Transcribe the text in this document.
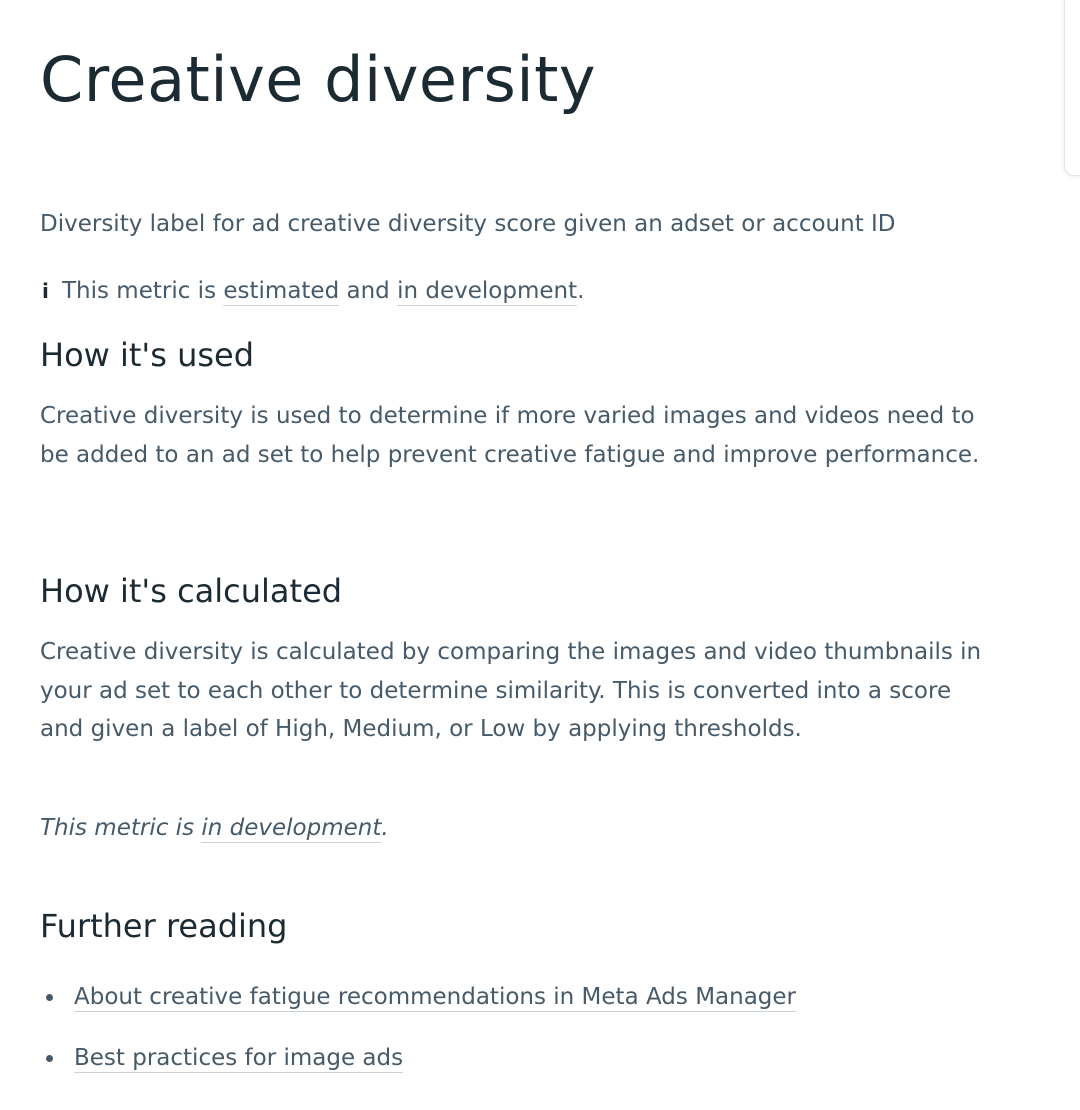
Creative diversity

Diversity label for ad creative diversity score given an adset or account ID

i This metric is estimated and in development.

How it's used

Creative diversity is used to determine if more varied images and videos need to be added to an ad set to help prevent creative fatigue and improve performance.

How it's calculated

Creative diversity is calculated by comparing the images and video thumbnails in your ad set to each other to determine similarity. This is converted into a score and given a label of High, Medium, or Low by applying thresholds.

This metric is in development.

Further reading
About creative fatigue recommendations in Meta Ads Manager
Best practices for image ads
